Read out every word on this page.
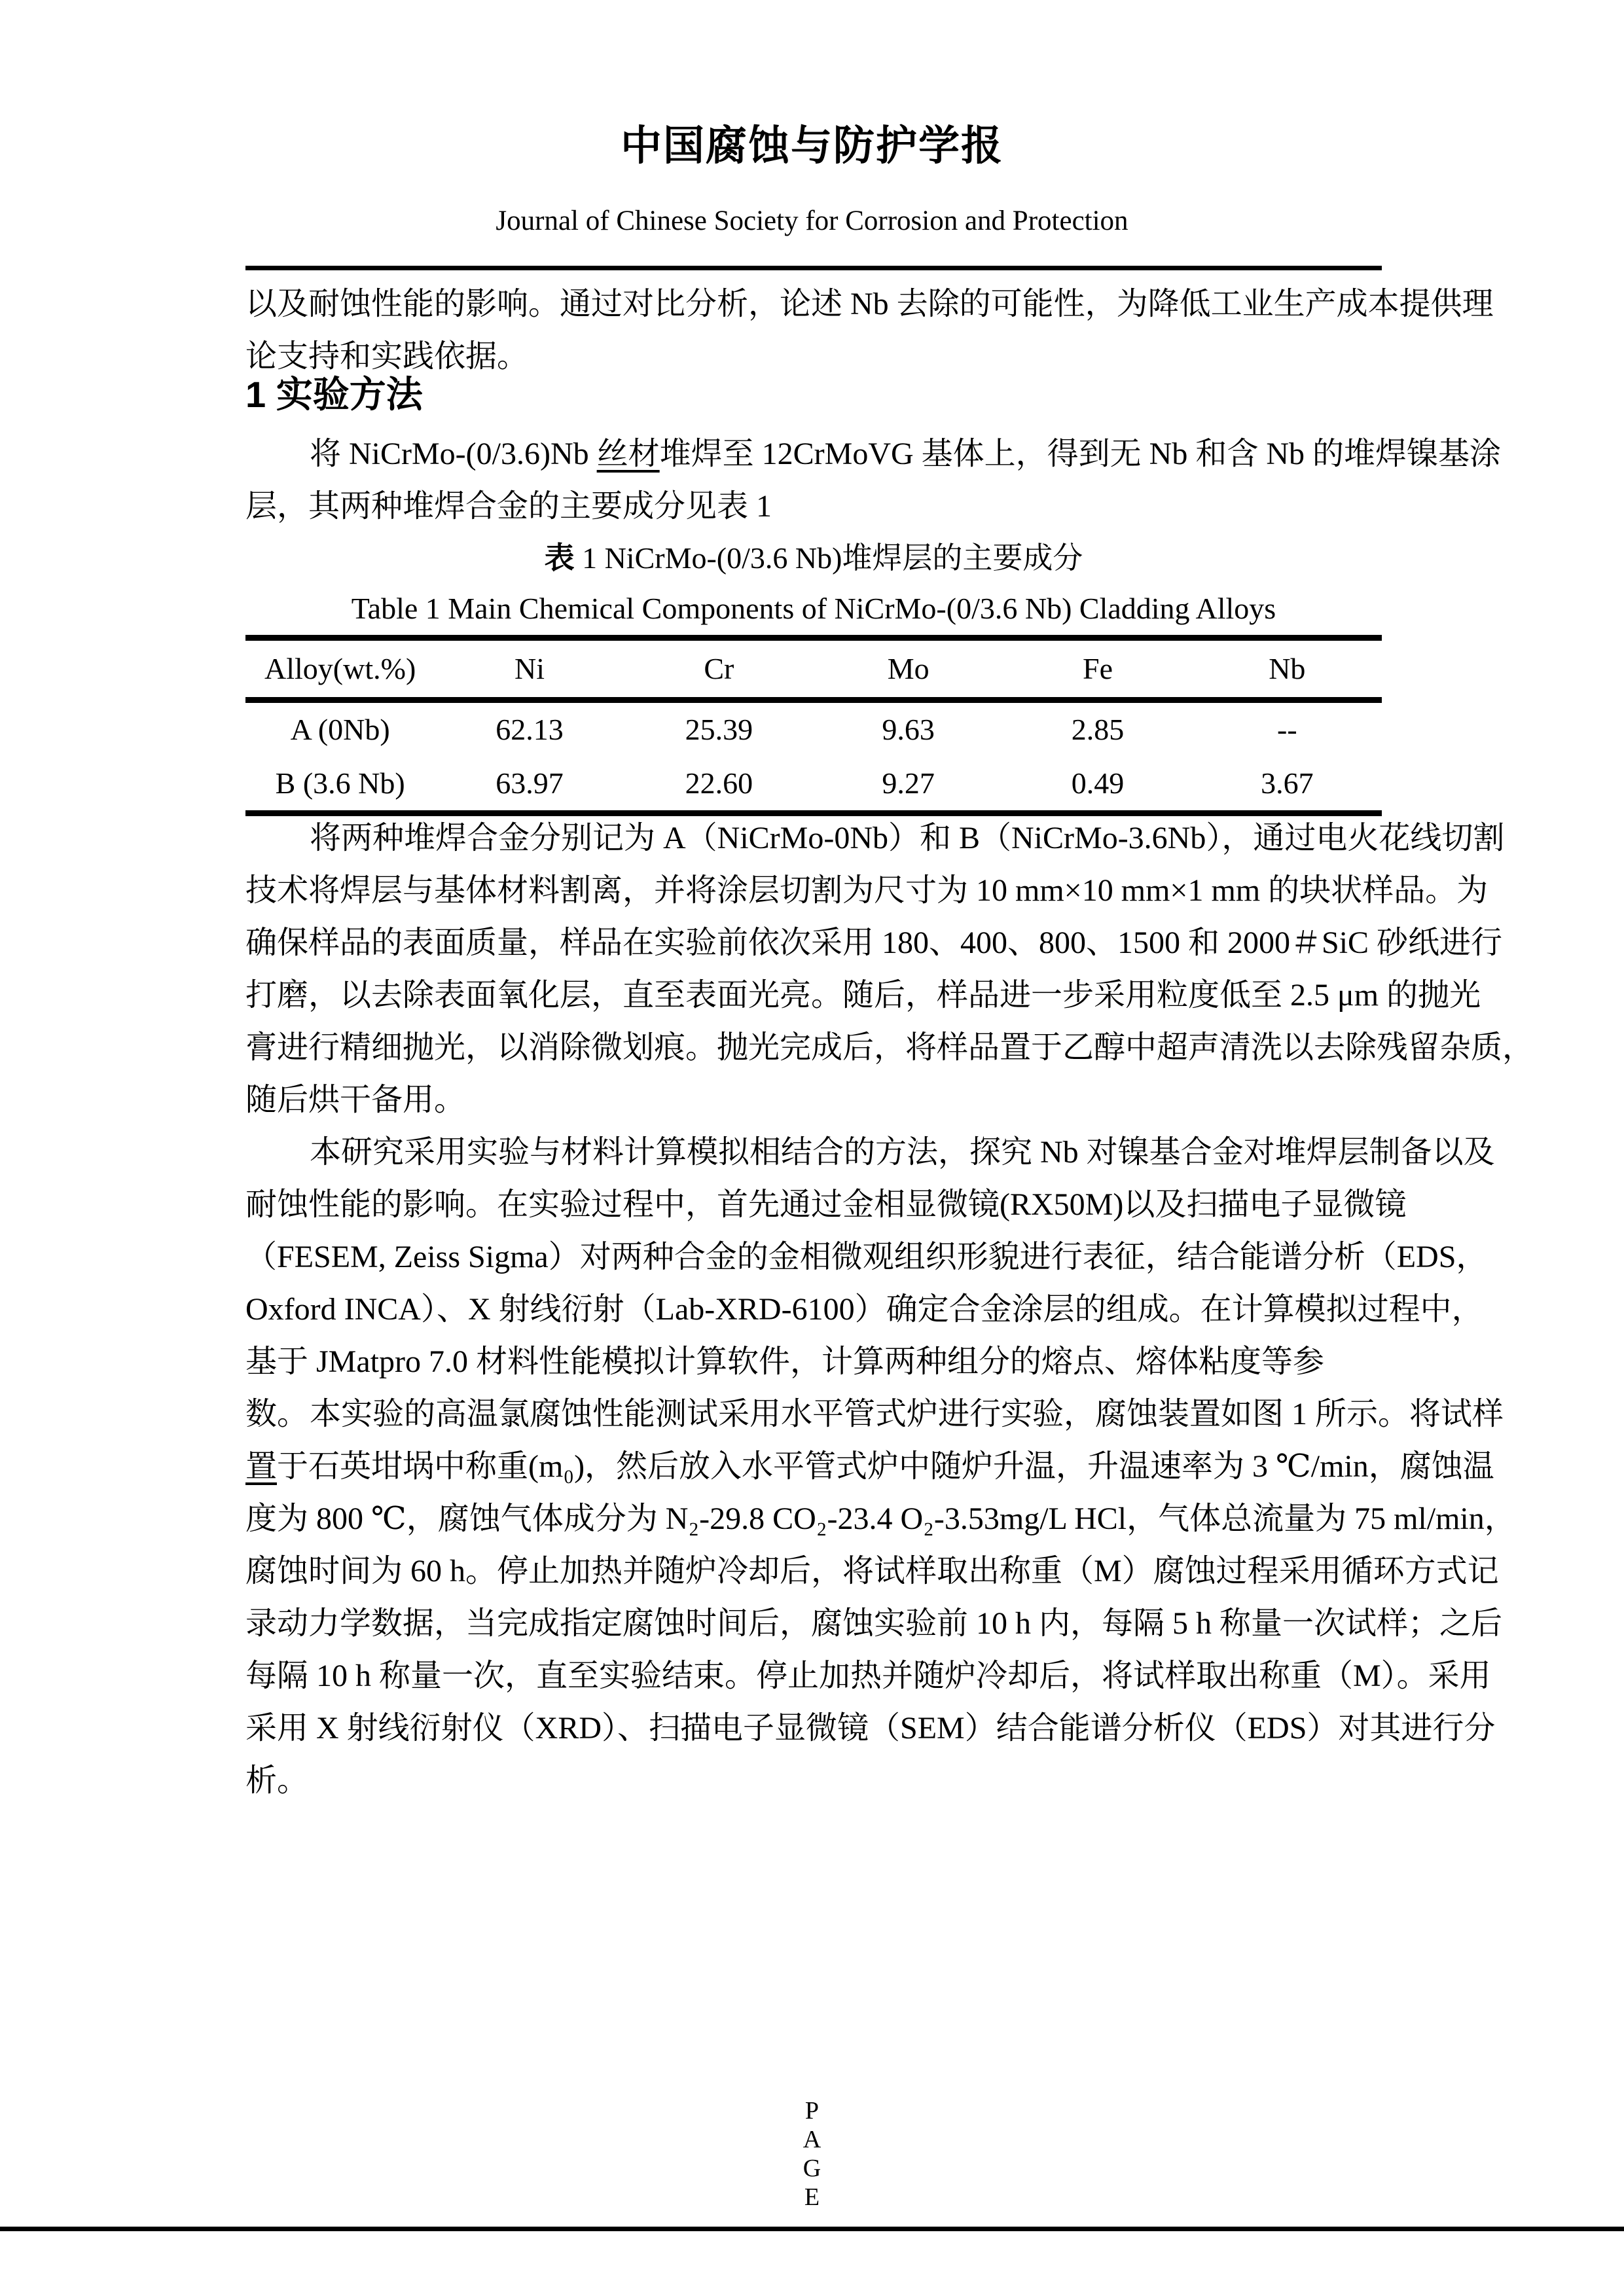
中国腐蚀与防护学报
Journal of Chinese Society for Corrosion and Protection
以及耐蚀性能的影响。通过对比分析，论述 Nb 去除的可能性，为降低工业生产成本提供理
论支持和实践依据。
1 实验方法
将 NiCrMo-(0/3.6)Nb 丝材堆焊至 12CrMoVG 基体上，得到无 Nb 和含 Nb 的堆焊镍基涂
层，其两种堆焊合金的主要成分见表 1
表 1 NiCrMo-(0/3.6 Nb)堆焊层的主要成分
Table 1 Main Chemical Components of NiCrMo-(0/3.6 Nb) Cladding Alloys
Alloy(wt.%)	Ni	Cr	Mo	Fe	Nb
A (0Nb)	62.13	25.39	9.63	2.85	--
B (3.6 Nb)	63.97	22.60	9.27	0.49	3.67
将两种堆焊合金分别记为 A（NiCrMo-0Nb）和 B（NiCrMo-3.6Nb），通过电火花线切割
技术将焊层与基体材料割离，并将涂层切割为尺寸为 10 mm×10 mm×1 mm 的块状样品。为
确保样品的表面质量，样品在实验前依次采用 180、400、800、1500 和 2000＃SiC 砂纸进行
打磨，以去除表面氧化层，直至表面光亮。随后，样品进一步采用粒度低至 2.5 μm 的抛光
膏进行精细抛光，以消除微划痕。抛光完成后，将样品置于乙醇中超声清洗以去除残留杂质，
随后烘干备用。
本研究采用实验与材料计算模拟相结合的方法，探究 Nb 对镍基合金对堆焊层制备以及
耐蚀性能的影响。在实验过程中，首先通过金相显微镜(RX50M)以及扫描电子显微镜
（FESEM, Zeiss Sigma）对两种合金的金相微观组织形貌进行表征，结合能谱分析（EDS，
Oxford INCA）、X 射线衍射（Lab-XRD-6100）确定合金涂层的组成。在计算模拟过程中，
基于 JMatpro 7.0 材料性能模拟计算软件，计算两种组分的熔点、熔体粘度等参数。 本实验的高温氯腐蚀性能测试采用水平管式炉进行实验，腐蚀装置如图 1 所示。将试样
置于石英坩埚中称重(m₀)，然后放入水平管式炉中随炉升温，升温速率为 3 ℃/min，腐蚀温
度为 800 ℃，腐蚀气体成分为 N₂-29.8 CO₂-23.4 O₂-3.53mg/L HCl，气体总流量为 75 ml/min，
腐蚀时间为 60 h。停止加热并随炉冷却后，将试样取出称重（M）腐蚀过程采用循环方式记
录动力学数据，当完成指定腐蚀时间后，腐蚀实验前 10 h 内，每隔 5 h 称量一次试样；之后
每隔 10 h 称量一次，直至实验结束。停止加热并随炉冷却后，将试样取出称重（M）。采用
采用 X 射线衍射仪（XRD）、扫描电子显微镜（SEM）结合能谱分析仪（EDS）对其进行分
析。
P
A
G
E
